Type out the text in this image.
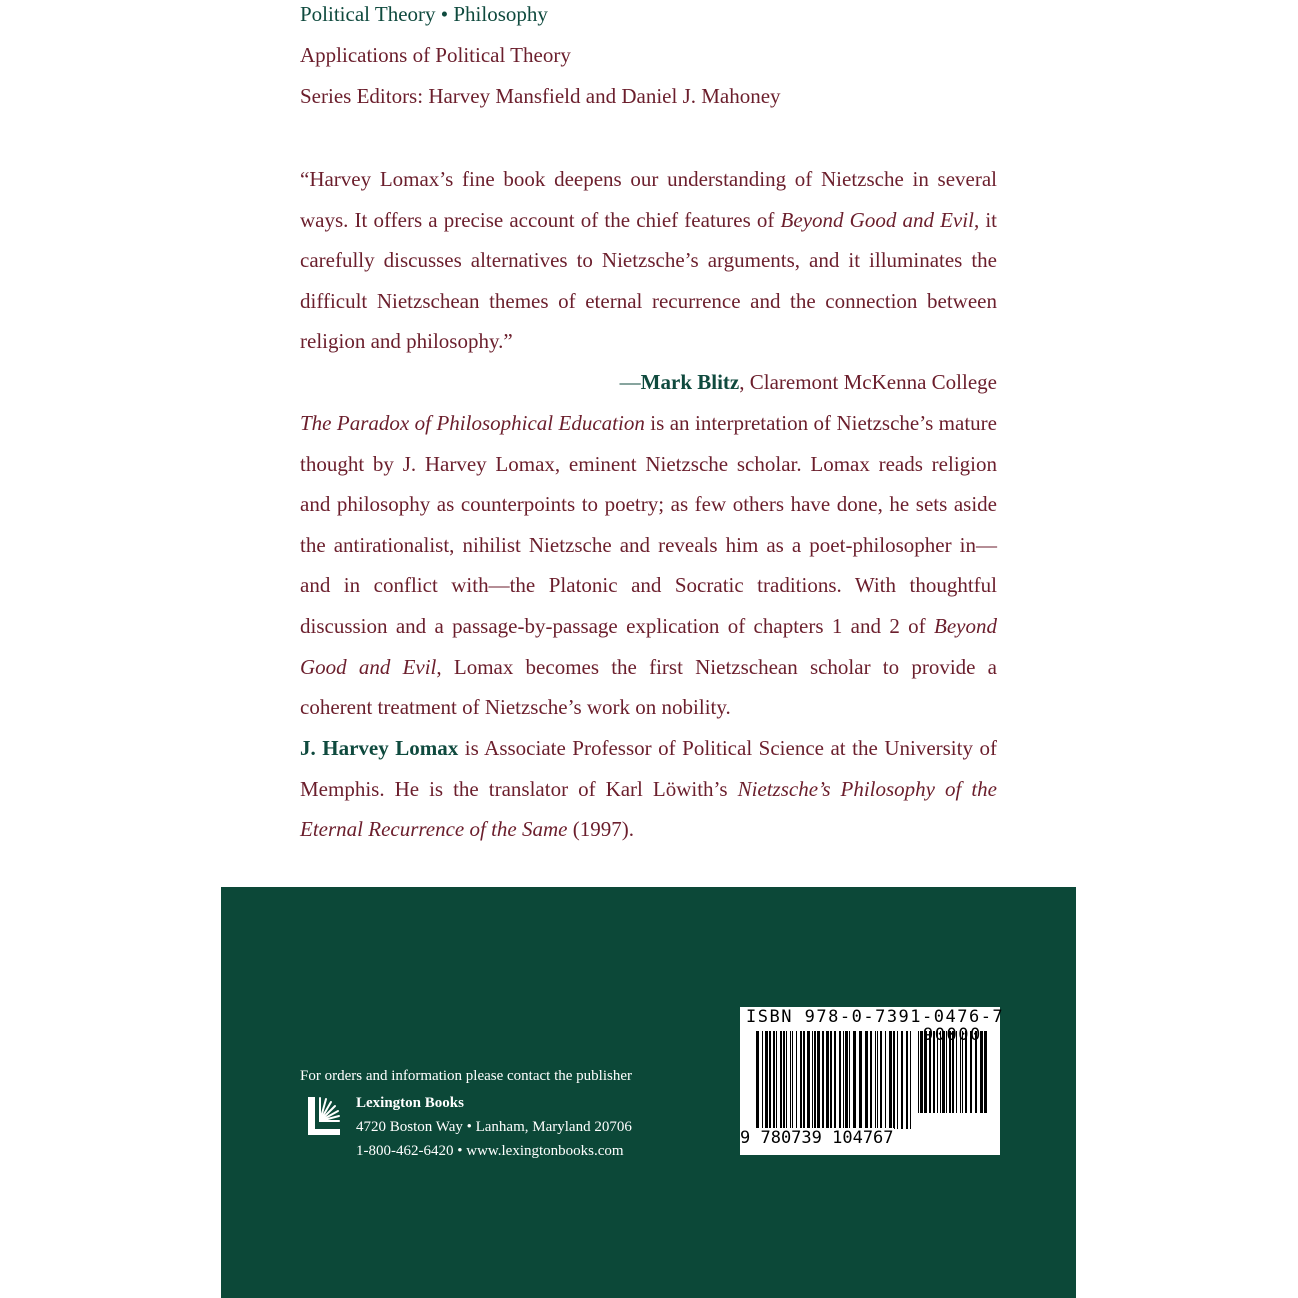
Political Theory • Philosophy
Applications of Political Theory
Series Editors: Harvey Mansfield and Daniel J. Mahoney

“Harvey Lomax’s fine book deepens our understanding of Nietzsche in several ways. It offers a precise account of the chief features of Beyond Good and Evil, it carefully discusses alternatives to Nietzsche’s arguments, and it illuminates the difficult Nietzschean themes of eternal recurrence and the connection between religion and philosophy.”

—Mark Blitz, Claremont McKenna College

The Paradox of Philosophical Education is an interpretation of Nietzsche’s mature thought by J. Harvey Lomax, eminent Nietzsche scholar. Lomax reads religion and philosophy as counterpoints to poetry; as few others have done, he sets aside the antirationalist, nihilist Nietzsche and reveals him as a poet-philosopher in—and in conflict with—the Platonic and Socratic traditions. With thoughtful discussion and a passage-by-passage explication of chapters 1 and 2 of Beyond Good and Evil, Lomax becomes the first Nietzschean scholar to provide a coherent treatment of Nietzsche’s work on nobility.

J. Harvey Lomax is Associate Professor of Political Science at the University of Memphis. He is the translator of Karl Löwith’s Nietzsche’s Philosophy of the Eternal Recurrence of the Same (1997).

For orders and information please contact the publisher
Lexington Books
4720 Boston Way • Lanham, Maryland 20706
1-800-462-6420 • www.lexingtonbooks.com
ISBN 978-0-7391-0476-7
9 780739 104767
